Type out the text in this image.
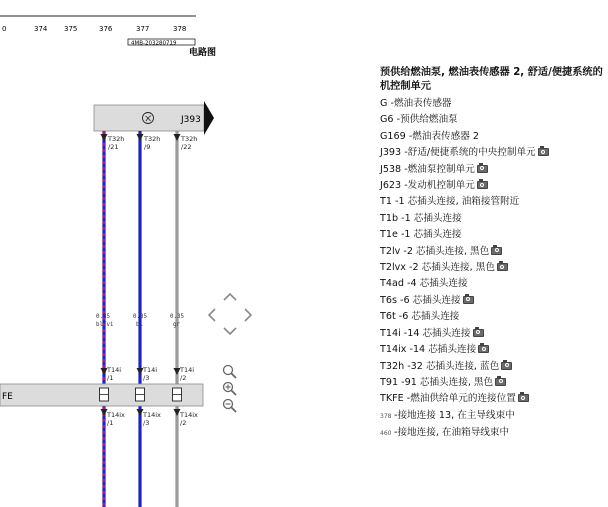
0	374 375	376	377	378
4MB-203280719
电路图
J393
T32h
/21
T32h
/9
T32h
/22
0.35
bl/vi
0.35
bl
0.35
gr
T14i
/1
T14i
/3
T14i
/2
FE
T14ix
/1
T14ix
/3
T14ix
/2
预供给燃油泵, 燃油表传感器 2, 舒适/便捷系统的机控制单元
G -燃油表传感器
G6 -预供给燃油泵
G169 -燃油表传感器 2
J393 -舒适/便捷系统的中央控制单元
J538 -燃油泵控制单元
J623 -发动机控制单元
T1 -1 芯插头连接, 油箱接管附近
T1b -1 芯插头连接
T1e -1 芯插头连接
T2lv -2 芯插头连接, 黑色
T2lvx -2 芯插头连接, 黑色
T4ad -4 芯插头连接
T6s -6 芯插头连接
T6t -6 芯插头连接
T14i -14 芯插头连接
T14ix -14 芯插头连接
T32h -32 芯插头连接, 蓝色
T91 -91 芯插头连接, 黑色
TKFE -燃油供给单元的连接位置
378 -接地连接 13, 在主导线束中
460 -接地连接, 在油箱导线束中
